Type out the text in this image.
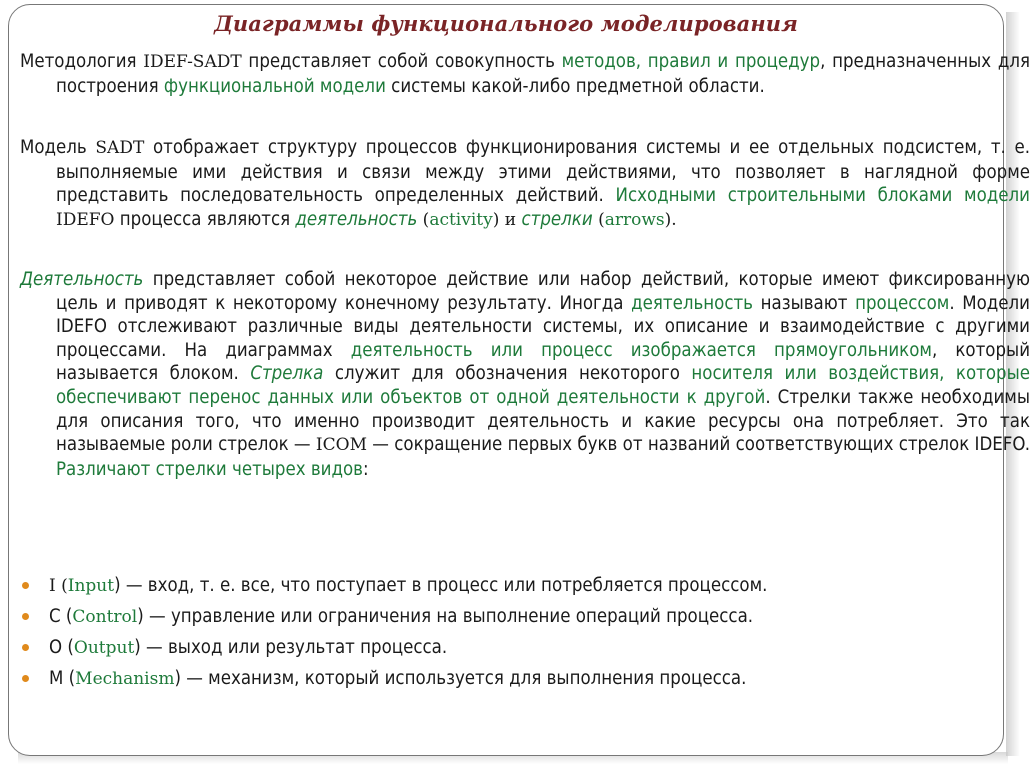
Диаграммы функционального моделирования

Методология IDEF-SADT представляет собой совокупность методов, правил и процедур, предназначенных для построения функциональной модели системы какой-либо предметной области.

Модель SADT отображает структуру процессов функционирования системы и ее отдельных подсистем, т. е. выполняемые ими действия и связи между этими действиями, что позволяет в наглядной форме представить последовательность определенных действий. Исходными строительными блоками модели IDEFO процесса являются деятельность (activity) и стрелки (arrows).

Деятельность представляет собой некоторое действие или набор действий, которые имеют фиксированную цель и приводят к некоторому конечному результату. Иногда деятельность называют процессом. Модели IDEFO отслеживают различные виды деятельности системы, их описание и взаимодействие с другими процессами. На диаграммах деятельность или процесс изображается прямоугольником, который называется блоком. Стрелка служит для обозначения некоторого носителя или воздействия, которые обеспечивают перенос данных или объектов от одной деятельности к другой. Стрелки также необходимы для описания того, что именно производит деятельность и какие ресурсы она потребляет. Это так называемые роли стрелок — ICOM — сокращение первых букв от названий соответствующих стрелок IDEFO. Различают стрелки четырех видов:

I (Input) — вход, т. е. все, что поступает в процесс или потребляется процессом.
С (Control) — управление или ограничения на выполнение операций процесса.
О (Output) — выход или результат процесса.
М (Mechanism) — механизм, который используется для выполнения процесса.
